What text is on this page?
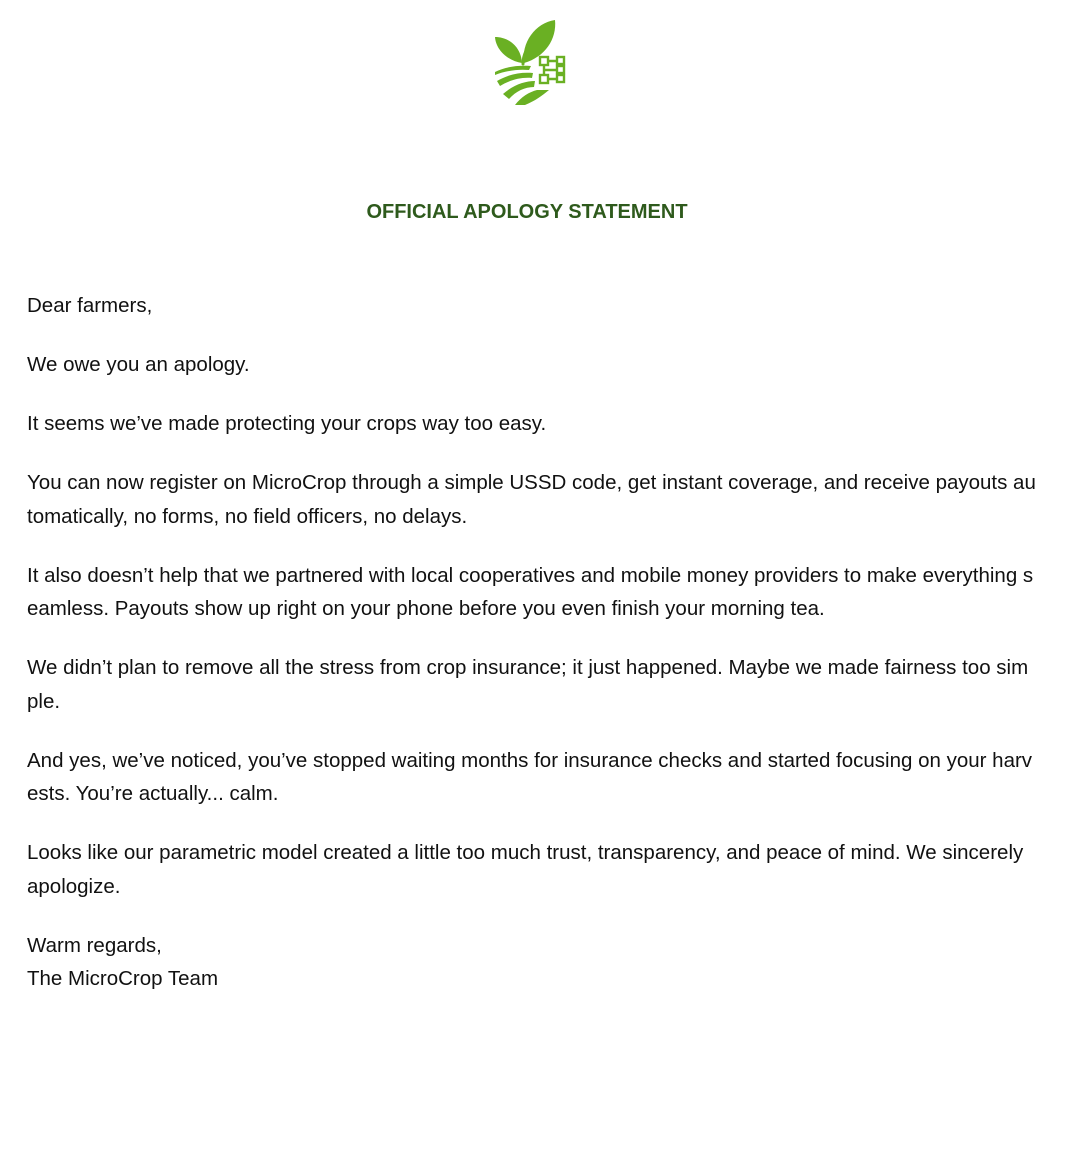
OFFICIAL APOLOGY STATEMENT

Dear farmers,

We owe you an apology.

It seems we’ve made protecting your crops way too easy.

You can now register on MicroCrop through a simple USSD code, get instant coverage, and receive payouts automatically, no forms, no field officers, no delays.

It also doesn’t help that we partnered with local cooperatives and mobile money providers to make everything seamless. Payouts show up right on your phone before you even finish your morning tea.

We didn’t plan to remove all the stress from crop insurance; it just happened. Maybe we made fairness too simple.

And yes, we’ve noticed, you’ve stopped waiting months for insurance checks and started focusing on your harvests. You’re actually... calm.

Looks like our parametric model created a little too much trust, transparency, and peace of mind. We sincerely apologize.

Warm regards,
The MicroCrop Team
